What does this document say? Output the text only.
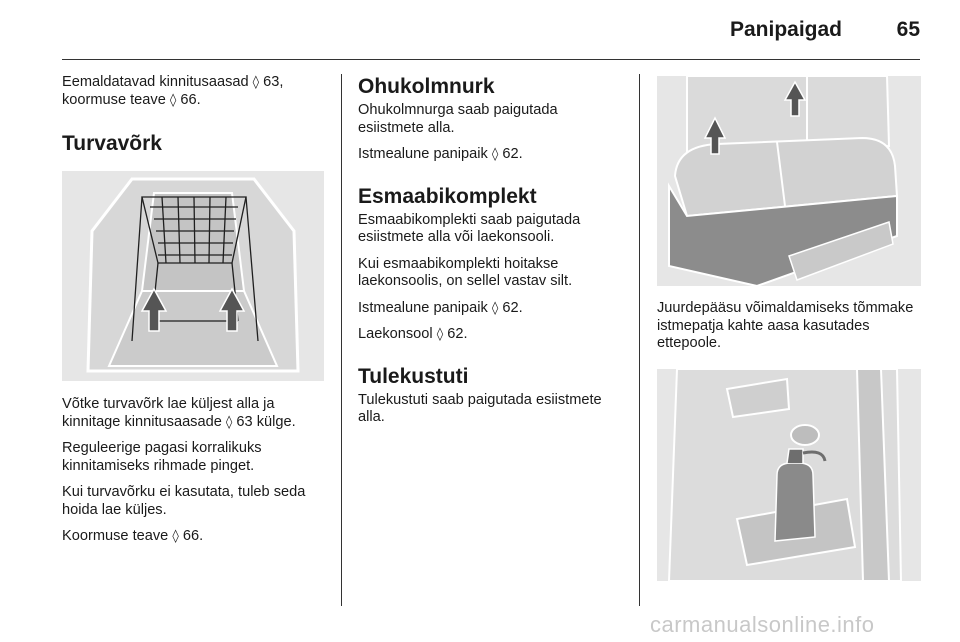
Panipaigad	65

Eemaldatavad kinnitusaasad ◊ 63,
koormuse teave ◊ 66.

Turvavõrk

Võtke turvavõrk lae küljest alla ja kinnitage kinnitusaasade ◊ 63 külge.

Reguleerige pagasi korralikuks kinnitamiseks rihmade pinget.

Kui turvavõrku ei kasutata, tuleb seda hoida lae küljes.

Koormuse teave ◊ 66.

Ohukolmnurk

Ohukolmnurga saab paigutada esiistmete alla.

Istmealune panipaik ◊ 62.

Esmaabikomplekt

Esmaabikomplekti saab paigutada esiistmete alla või laekonsooli.

Kui esmaabikomplekti hoitakse laekonsoolis, on sellel vastav silt.

Istmealune panipaik ◊ 62.

Laekonsool ◊ 62.

Tulekustuti

Tulekustuti saab paigutada esiistmete alla.

Juurdepääsu võimaldamiseks tõmmake istmepatja kahte aasa kasutades ettepoole.

carmanualsonline.info
